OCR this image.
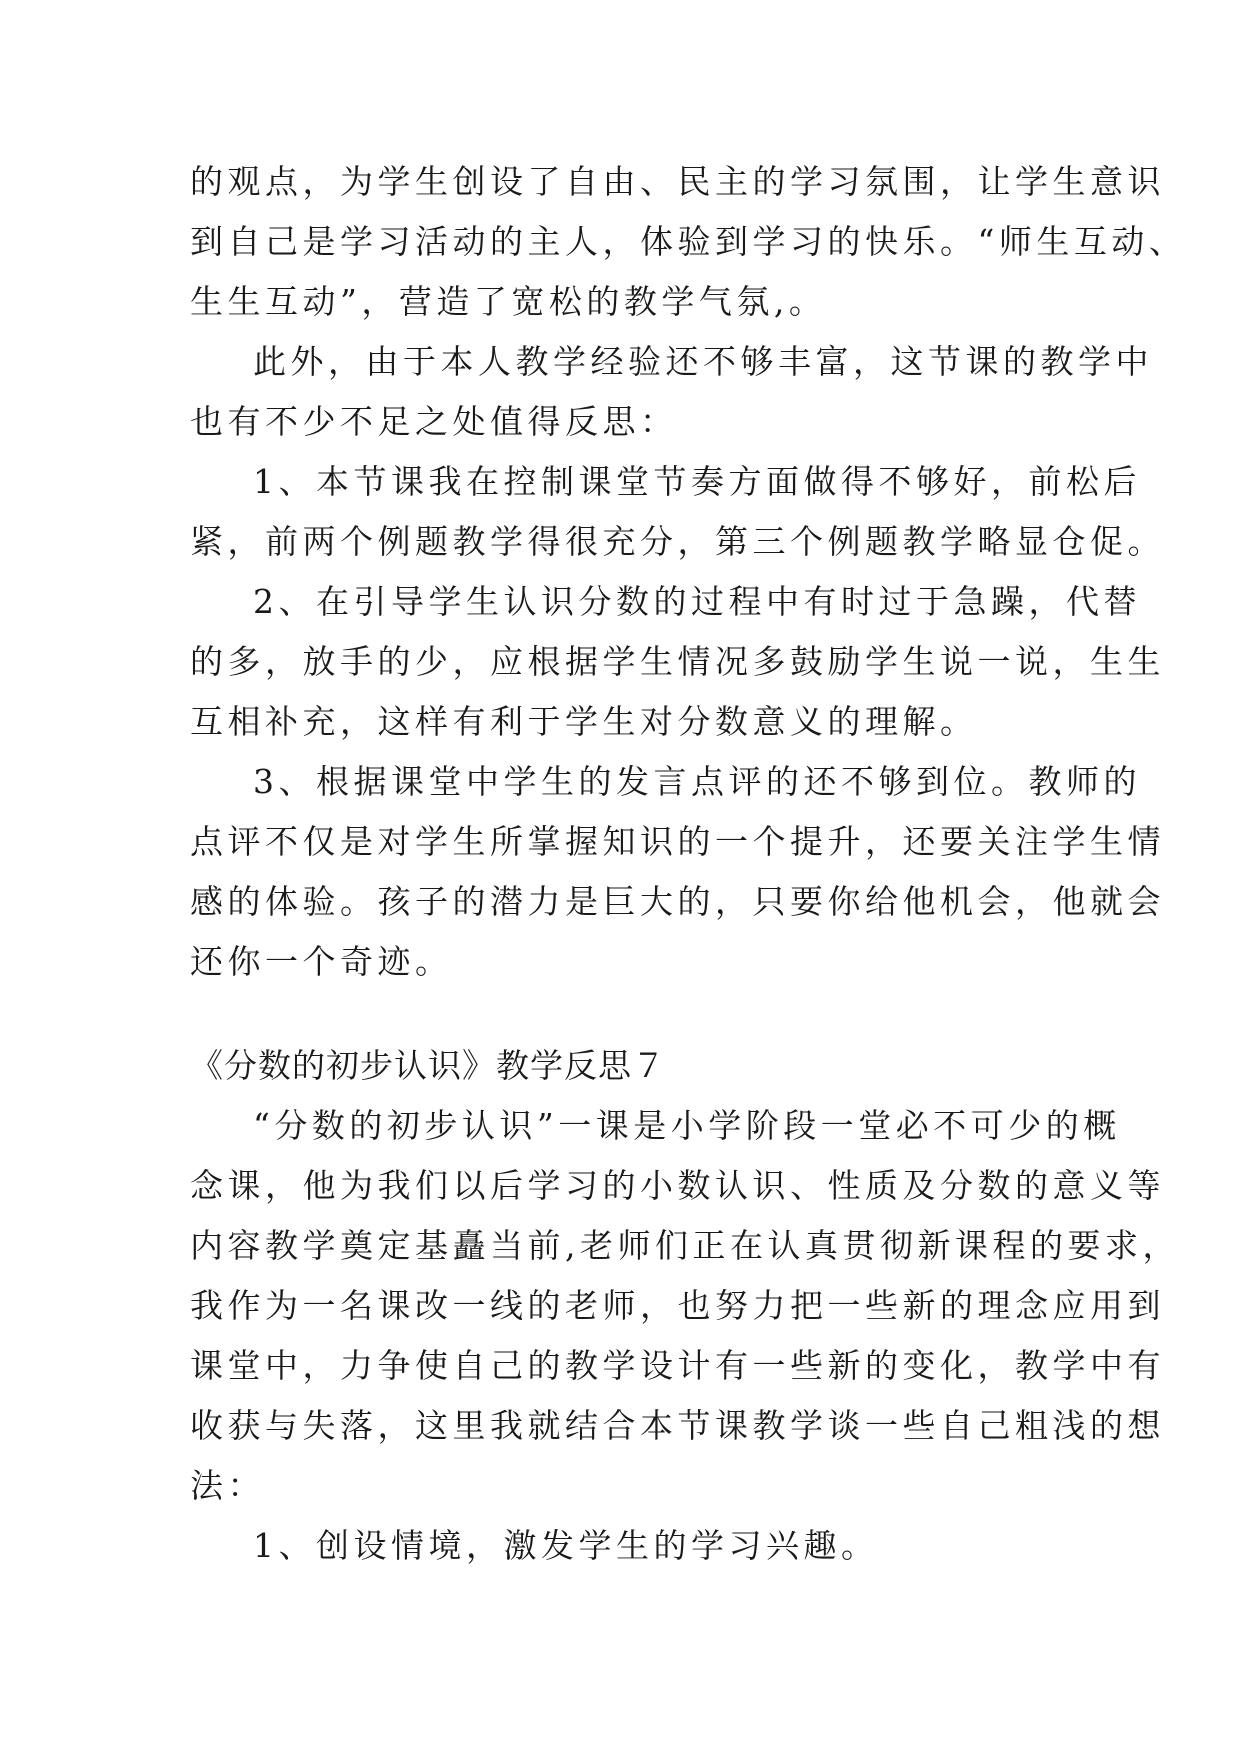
的观点，为学生创设了自由、民主的学习氛围，让学生意识
到自己是学习活动的主人，体验到学习的快乐。“师生互动、
生生互动”，营造了宽松的教学气氛,。
此外，由于本人教学经验还不够丰富，这节课的教学中
也有不少不足之处值得反思：
1、本节课我在控制课堂节奏方面做得不够好，前松后
紧，前两个例题教学得很充分，第三个例题教学略显仓促。
2、在引导学生认识分数的过程中有时过于急躁，代替
的多，放手的少，应根据学生情况多鼓励学生说一说，生生
互相补充，这样有利于学生对分数意义的理解。
3、根据课堂中学生的发言点评的还不够到位。教师的
点评不仅是对学生所掌握知识的一个提升，还要关注学生情
感的体验。孩子的潜力是巨大的，只要你给他机会，他就会
还你一个奇迹。
《分数的初步认识》教学反思７
“分数的初步认识”一课是小学阶段一堂必不可少的概
念课，他为我们以后学习的小数认识、性质及分数的意义等
内容教学奠定基矗当前,老师们正在认真贯彻新课程的要求，
我作为一名课改一线的老师，也努力把一些新的理念应用到
课堂中，力争使自己的教学设计有一些新的变化，教学中有
收获与失落，这里我就结合本节课教学谈一些自己粗浅的想
法：
1、创设情境，激发学生的学习兴趣。
